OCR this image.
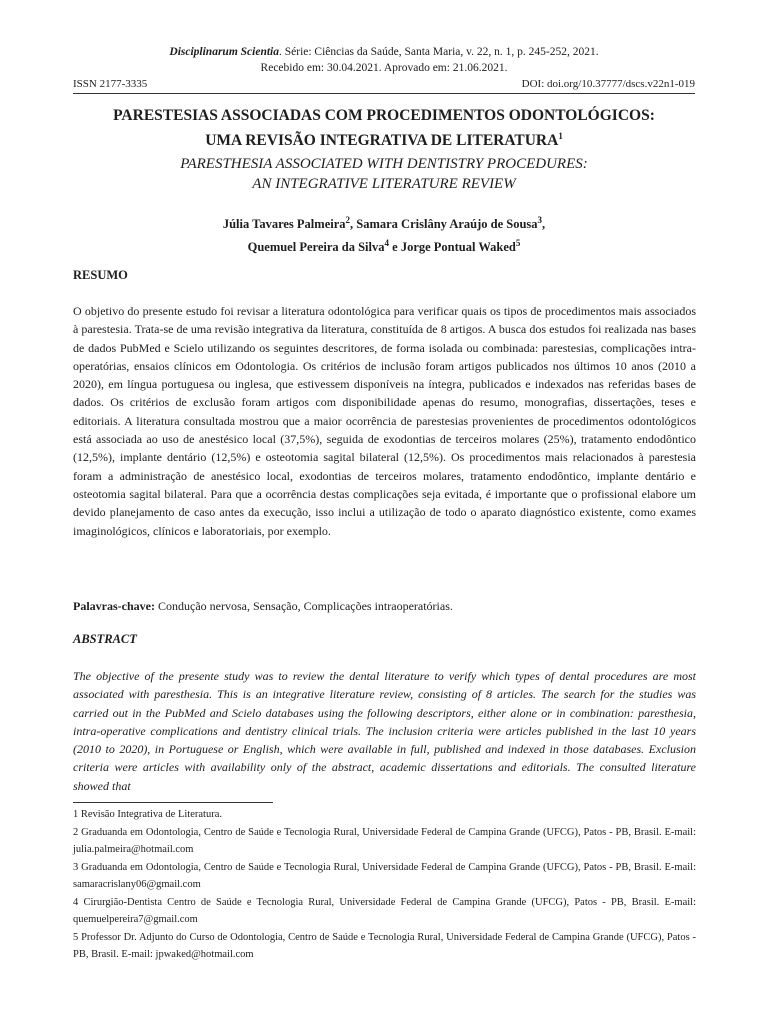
Disciplinarum Scientia. Série: Ciências da Saúde, Santa Maria, v. 22, n. 1, p. 245-252, 2021.
Recebido em: 30.04.2021. Aprovado em: 21.06.2021.
ISSN 2177-3335	DOI: doi.org/10.37777/dscs.v22n1-019
PARESTESIAS ASSOCIADAS COM PROCEDIMENTOS ODONTOLÓGICOS:
UMA REVISÃO INTEGRATIVA DE LITERATURA$^1$
PARESTHESIA ASSOCIATED WITH DENTISTRY PROCEDURES:
AN INTEGRATIVE LITERATURE REVIEW
Júlia Tavares Palmeira$^2$, Samara Crislâny Araújo de Sousa$^3$,
Quemuel Pereira da Silva$^4$ e Jorge Pontual Waked$^5$
RESUMO

O objetivo do presente estudo foi revisar a literatura odontológica para verificar quais os tipos de procedimentos mais associados à parestesia. Trata-se de uma revisão integrativa da literatura, constituída de 8 artigos. A busca dos estudos foi realizada nas bases de dados PubMed e Scielo utilizando os seguintes descritores, de forma isolada ou combinada: parestesias, complicações intra-operatórias, ensaios clínicos em Odontologia. Os critérios de inclusão foram artigos publicados nos últimos 10 anos (2010 a 2020), em língua portuguesa ou inglesa, que estivessem disponíveis na íntegra, publicados e indexados nas referidas bases de dados. Os critérios de exclusão foram artigos com disponibilidade apenas do resumo, monografias, dissertações, teses e editoriais. A literatura consultada mostrou que a maior ocorrência de parestesias provenientes de procedimentos odontológicos está associada ao uso de anestésico local (37,5%), seguida de exodontias de terceiros molares (25%), tratamento endodôntico (12,5%), implante dentário (12,5%) e osteotomia sagital bilateral (12,5%). Os procedimentos mais relacionados à parestesia foram a administração de anestésico local, exodontias de terceiros molares, tratamento endodôntico, implante dentário e osteotomia sagital bilateral. Para que a ocorrência destas complicações seja evitada, é importante que o profissional elabore um devido planejamento de caso antes da execução, isso inclui a utilização de todo o aparato diagnóstico existente, como exames imaginológicos, clínicos e laboratoriais, por exemplo.

Palavras-chave: Condução nervosa, Sensação, Complicações intraoperatórias.

ABSTRACT

The objective of the presente study was to review the dental literature to verify which types of dental procedures are most associated with paresthesia. This is an integrative literature review, consisting of 8 articles. The search for the studies was carried out in the PubMed and Scielo databases using the following descriptors, either alone or in combination: paresthesia, intra-operative complications and dentistry clinical trials. The inclusion criteria were articles published in the last 10 years (2010 to 2020), in Portuguese or English, which were available in full, published and indexed in those databases. Exclusion criteria were articles with availability only of the abstract, academic dissertations and editorials. The consulted literature showed that

1 Revisão Integrativa de Literatura.

2 Graduanda em Odontologia, Centro de Saúde e Tecnologia Rural, Universidade Federal de Campina Grande (UFCG), Patos - PB, Brasil. E-mail: julia.palmeira@hotmail.com

3 Graduanda em Odontologia, Centro de Saúde e Tecnologia Rural, Universidade Federal de Campina Grande (UFCG), Patos - PB, Brasil. E-mail: samaracrislany06@gmail.com

4 Cirurgião-Dentista Centro de Saúde e Tecnologia Rural, Universidade Federal de Campina Grande (UFCG), Patos - PB, Brasil. E-mail: quemuelpereira7@gmail.com

5 Professor Dr. Adjunto do Curso de Odontologia, Centro de Saúde e Tecnologia Rural, Universidade Federal de Campina Grande (UFCG), Patos - PB, Brasil. E-mail: jpwaked@hotmail.com
